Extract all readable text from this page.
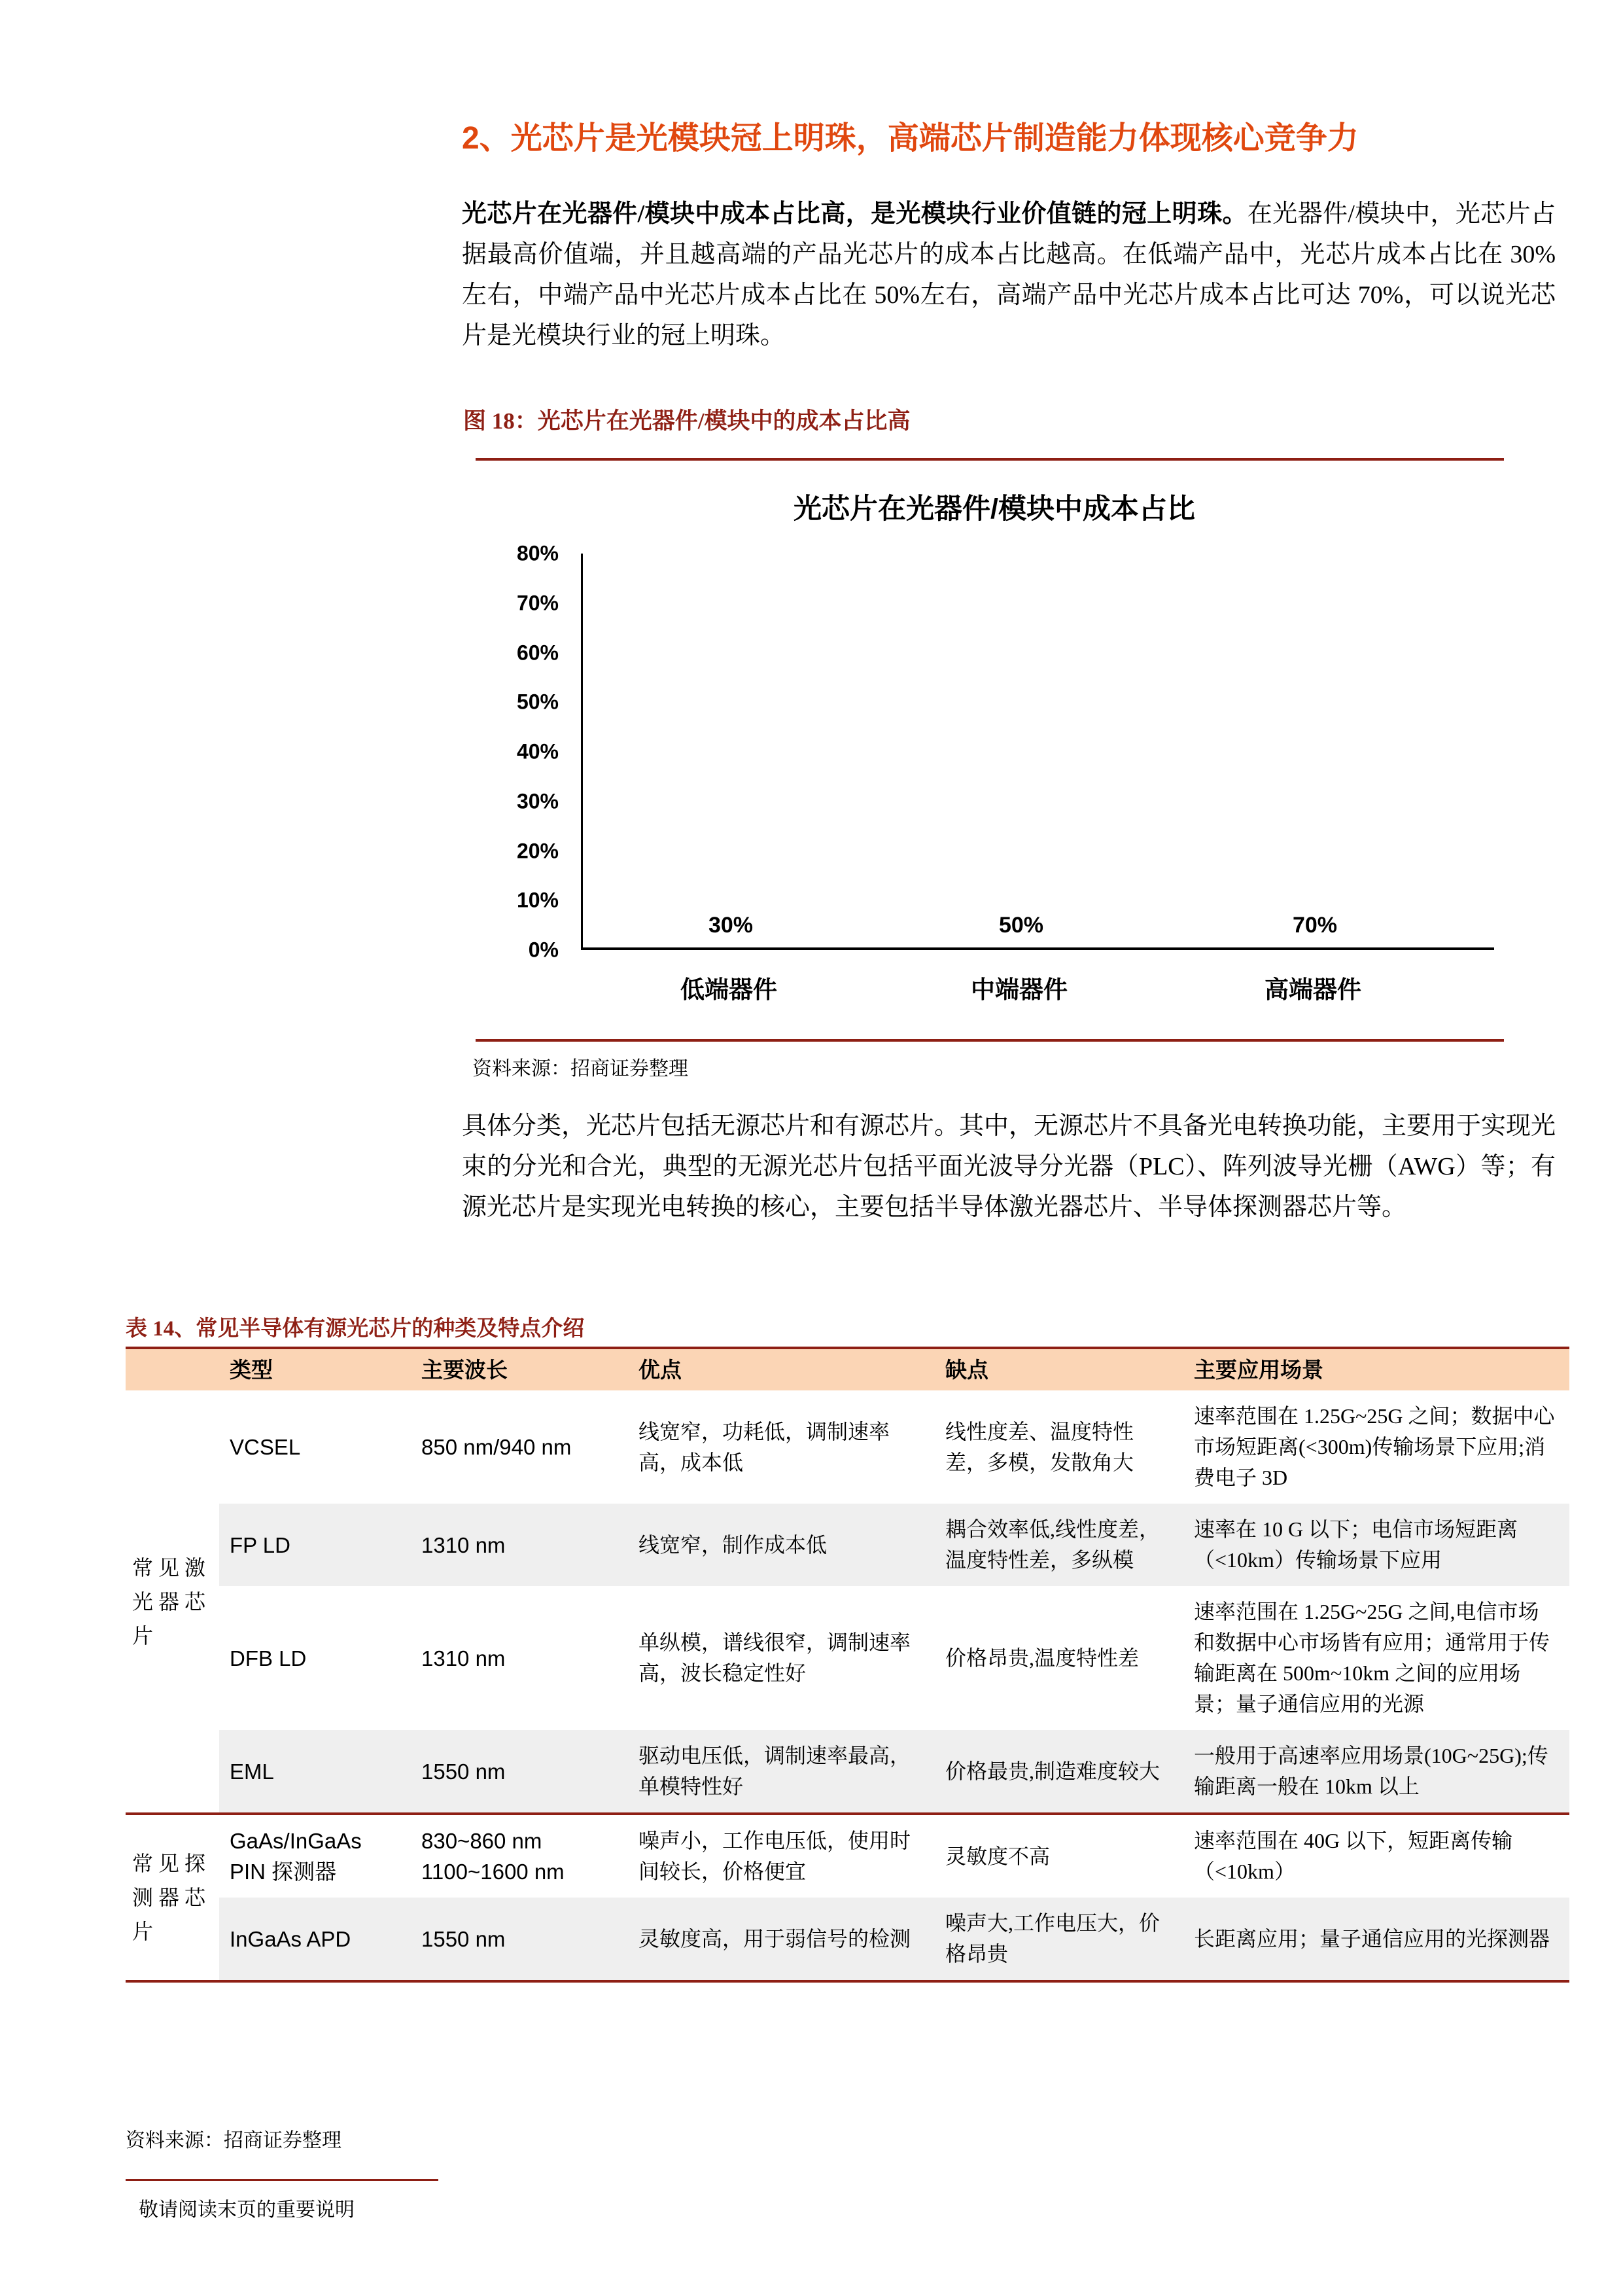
2、光芯片是光模块冠上明珠，高端芯片制造能力体现核心竞争力

光芯片在光器件/模块中成本占比高，是光模块行业价值链的冠上明珠。在光器件/模块中，光芯片占据最高价值端，并且越高端的产品光芯片的成本占比越高。在低端产品中，光芯片成本占比在 30%左右，中端产品中光芯片成本占比在 50%左右，高端产品中光芯片成本占比可达 70%，可以说光芯片是光模块行业的冠上明珠。

图 18：光芯片在光器件/模块中的成本占比高
光芯片在光器件/模块中成本占比
80%
70%
60%
50%
40%
30%
20%
10%
0%
30%	50%	70%
低端器件	中端器件	高端器件
资料来源：招商证券整理

具体分类，光芯片包括无源芯片和有源芯片。其中，无源芯片不具备光电转换功能，主要用于实现光束的分光和合光，典型的无源光芯片包括平面光波导分光器（PLC）、阵列波导光栅（AWG）等；有源光芯片是实现光电转换的核心，主要包括半导体激光器芯片、半导体探测器芯片等。

表 14、常见半导体有源光芯片的种类及特点介绍
	类型	主要波长	优点	缺点	主要应用场景
常 见 激 光 器 芯 片	VCSEL	850 nm/940 nm	线宽窄，功耗低，调制速率高，成本低	线性度差、温度特性差，多模，发散角大	速率范围在 1.25G~25G 之间；数据中心市场短距离(<300m)传输场景下应用;消费电子 3D
	FP LD	1310 nm	线宽窄，制作成本低	耦合效率低,线性度差，温度特性差，多纵模	速率在 10 G 以下；电信市场短距离（<10km）传输场景下应用
	DFB LD	1310 nm	单纵模，谱线很窄，调制速率高，波长稳定性好	价格昂贵,温度特性差	速率范围在 1.25G~25G 之间,电信市场和数据中心市场皆有应用；通常用于传输距离在 500m~10km 之间的应用场景；量子通信应用的光源
	EML	1550 nm	驱动电压低，调制速率最高，单模特性好	价格最贵,制造难度较大	一般用于高速率应用场景(10G~25G);传输距离一般在 10km 以上
常 见 探 测 器 芯 片	GaAs/InGaAs PIN 探测器	830~860 nm 1100~1600 nm	噪声小，工作电压低，使用时间较长，价格便宜	灵敏度不高	速率范围在 40G 以下，短距离传输（<10km）
	InGaAs APD	1550 nm	灵敏度高，用于弱信号的检测	噪声大,工作电压大，价格昂贵	长距离应用；量子通信应用的光探测器
资料来源：招商证券整理
敬请阅读末页的重要说明
